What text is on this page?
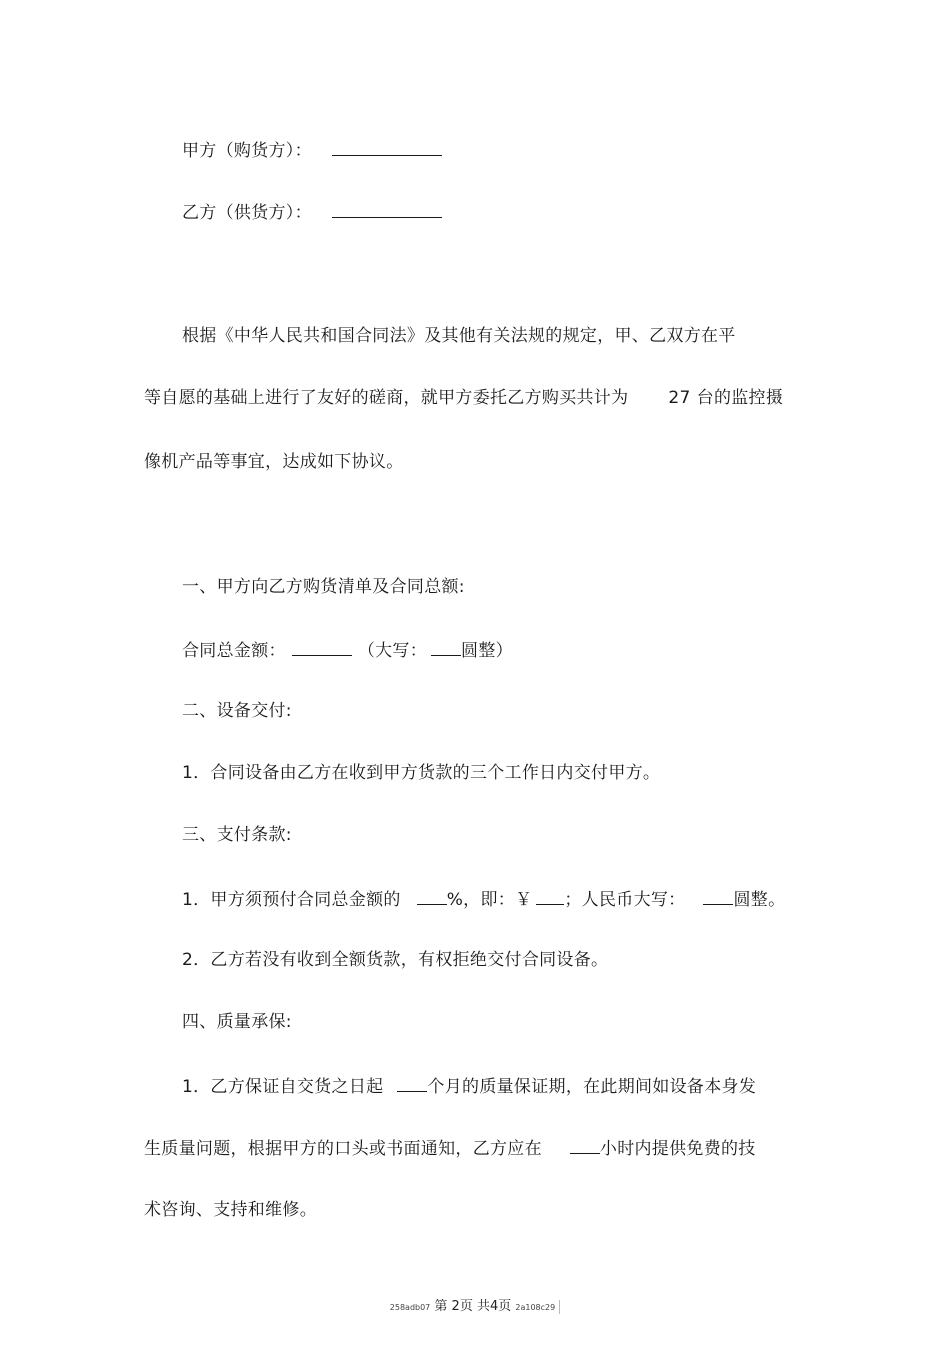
甲方（购货方）：
乙方（供货方）：
根据《中华人民共和国合同法》及其他有关法规的规定，甲、乙双方在平
等自愿的基础上进行了友好的磋商，就甲方委托乙方购买共计为 27 台的监控摄
像机产品等事宜，达成如下协议。
一、甲方向乙方购货清单及合同总额:
合同总金额：	（大写： 圆整）
二、设备交付:
1．合同设备由乙方在收到甲方货款的三个工作日内交付甲方。
三、支付条款:
1．甲方须预付合同总金额的	%，即：￥ ；人民币大写：	圆整。
2．乙方若没有收到全额货款，有权拒绝交付合同设备。
四、质量承保:
1．乙方保证自交货之日起	个月的质量保证期，在此期间如设备本身发
生质量问题，根据甲方的口头或书面通知，乙方应在	小时内提供免费的技
术咨询、支持和维修。
258adb07 第 2页 共4页 2a108c29
